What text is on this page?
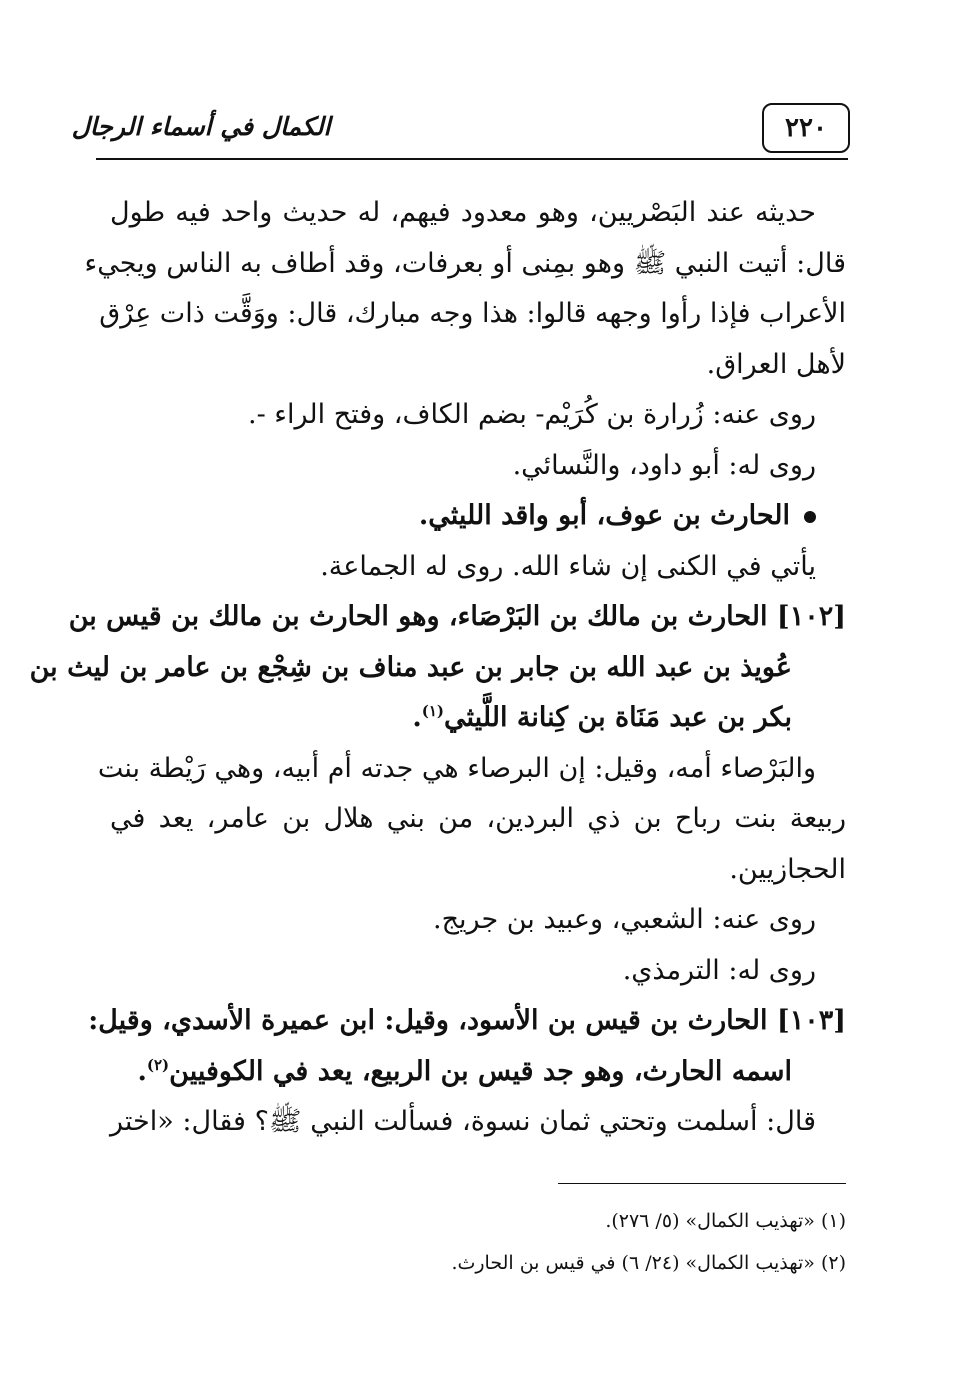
٢٢٠
الكمال في أسماء الرجال
حديثه عند البَصْريين، وهو معدود فيهم، له حديث واحد فيه طول
قال: أتيت النبي ﷺ وهو بمِنى أو بعرفات، وقد أطاف به الناس ويجيء
الأعراب فإذا رأوا وجهه قالوا: هذا وجه مبارك، قال: ووَقَّت ذات عِرْق
لأهل العراق.
روى عنه: زُرارة بن كُرَيْم- بضم الكاف، وفتح الراء -.
روى له: أبو داود، والنَّسائي.
الحارث بن عوف، أبو واقد الليثي.
يأتي في الكنى إن شاء الله. روى له الجماعة.
[١٠٢] الحارث بن مالك بن البَرْصَاء، وهو الحارث بن مالك بن قيس بن
عُويذ بن عبد الله بن جابر بن عبد مناف بن شِجْع بن عامر بن ليث بن
بكر بن عبد مَنَاة بن كِنانة اللَّيثي$^{(١)}$.
والبَرْصاء أمه، وقيل: إن البرصاء هي جدته أم أبيه، وهي رَيْطة بنت
ربيعة بنت رباح بن ذي البردين، من بني هلال بن عامر، يعد في
الحجازيين.
روى عنه: الشعبي، وعبيد بن جريج.
روى له: الترمذي.
[١٠٣] الحارث بن قيس بن الأسود، وقيل: ابن عميرة الأسدي، وقيل:
اسمه الحارث، وهو جد قيس بن الربيع، يعد في الكوفيين$^{(٢)}$.
قال: أسلمت وتحتي ثمان نسوة، فسألت النبي ﷺ؟ فقال: «اختر
(١) «تهذيب الكمال» (٥/ ٢٧٦).
(٢) «تهذيب الكمال» (٢٤/ ٦) في قيس بن الحارث.
